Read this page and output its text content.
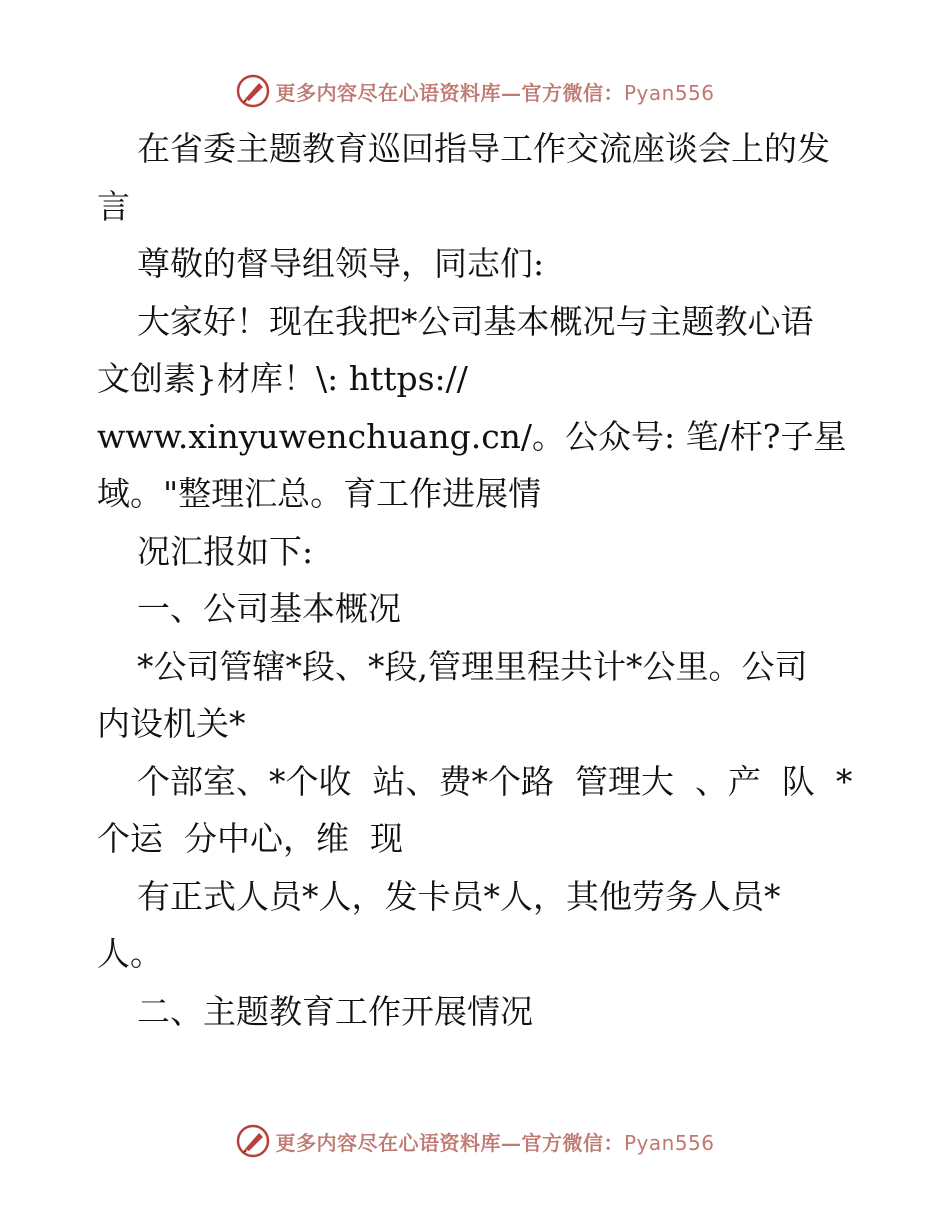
更多内容尽在心语资料库—官方微信：Pyan556
在省委主题教育巡回指导工作交流座谈会上的发
言
尊敬的督导组领导，同志们:
大家好！现在我把*公司基本概况与主题教心语
文创素}材库！\: https://
www.xinyuwenchuang.cn/。公众号: 笔/杆?子星
域。"整理汇总。育工作进展情
况汇报如下:
一、公司基本概况
*公司管辖*段、*段,管理里程共计*公里。公司
内设机关*
个部室、*个收  站、费*个路  管理大  、产  队  *
个运  分中心，维  现
有正式人员*人，发卡员*人，其他劳务人员*
人。
二、主题教育工作开展情况
更多内容尽在心语资料库—官方微信：Pyan556
